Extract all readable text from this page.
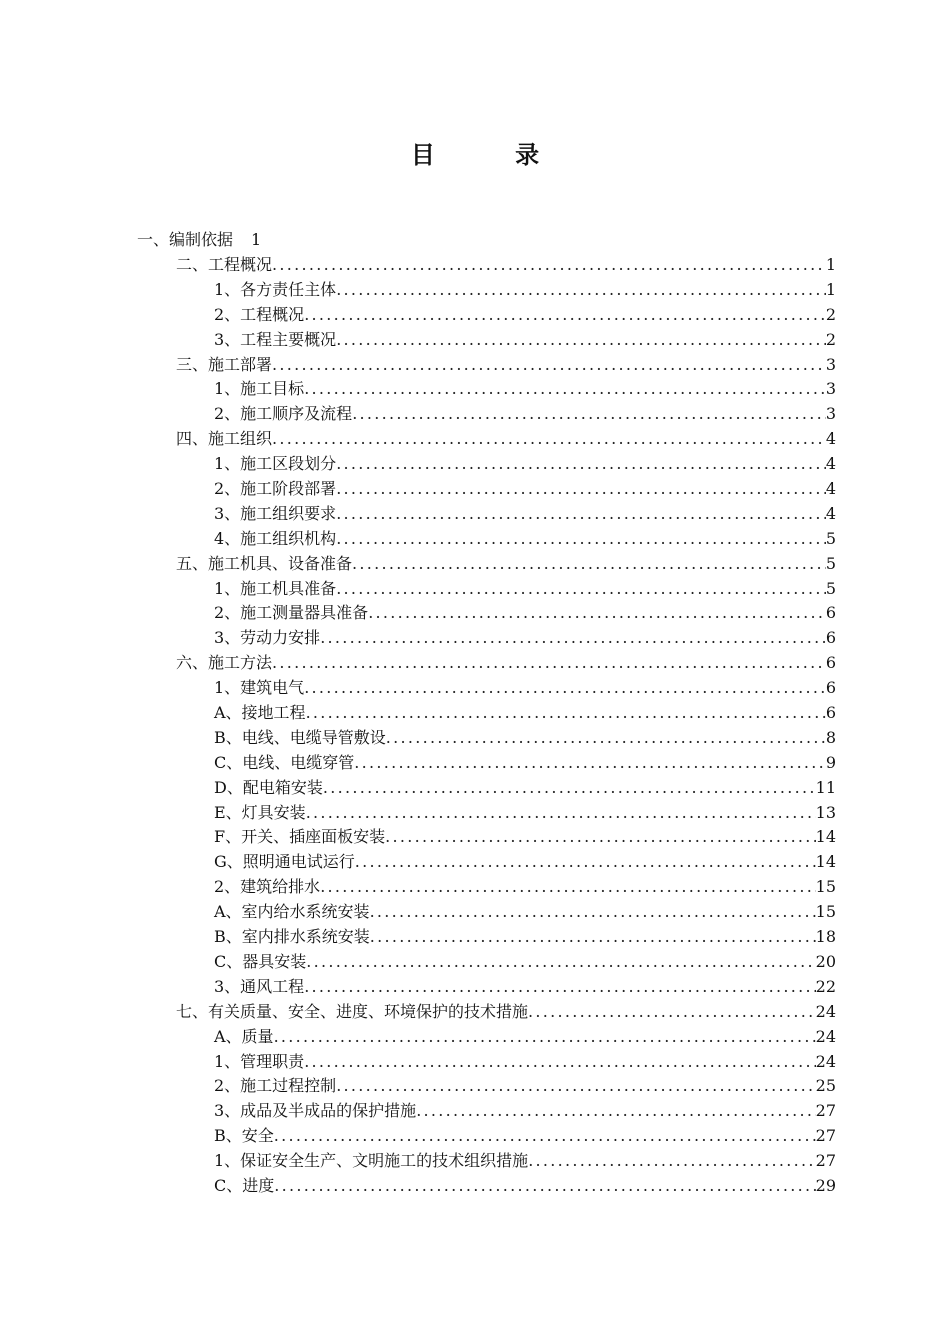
目 录
一、编制依据 1
二、工程概况 . . .	1
1、各方责任主体 . . .	1
2、工程概况 . . .	2
3、工程主要概况 . . .	2
三、施工部署 . . .	3
1、施工目标 . . .	3
2、施工顺序及流程 . . .	3
四、施工组织 . . .	4
1、施工区段划分 . . .	4
2、施工阶段部署 . . .	4
3、施工组织要求 . . .	4
4、施工组织机构 . . .	5
五、施工机具、设备准备 . . .	5
1、施工机具准备 . . .	5
2、施工测量器具准备 . . .	6
3、劳动力安排 . . .	6
六、施工方法 . . .	6
1、建筑电气 . . .	6
A、接地工程 . . .	6
B、电线、电缆导管敷设 . . .	8
C、电线、电缆穿管 . . .	9
D、配电箱安装 . . .	11
E、灯具安装 . . .	13
F、开关、插座面板安装 . . .	14
G、照明通电试运行 . . .	14
2、建筑给排水 . . .	15
A、室内给水系统安装 . . .	15
B、室内排水系统安装 . . .	18
C、器具安装 . . .	20
3、通风工程 . . .	22
七、有关质量、安全、进度、环境保护的技术措施 . . .	24
A、质量 . . .	24
1、管理职责 . . .	24
2、施工过程控制 . . .	25
3、成品及半成品的保护措施 . . .	27
B、安全 . . .	27
1、保证安全生产、文明施工的技术组织措施 . . .	27
C、进度 . . .	29
